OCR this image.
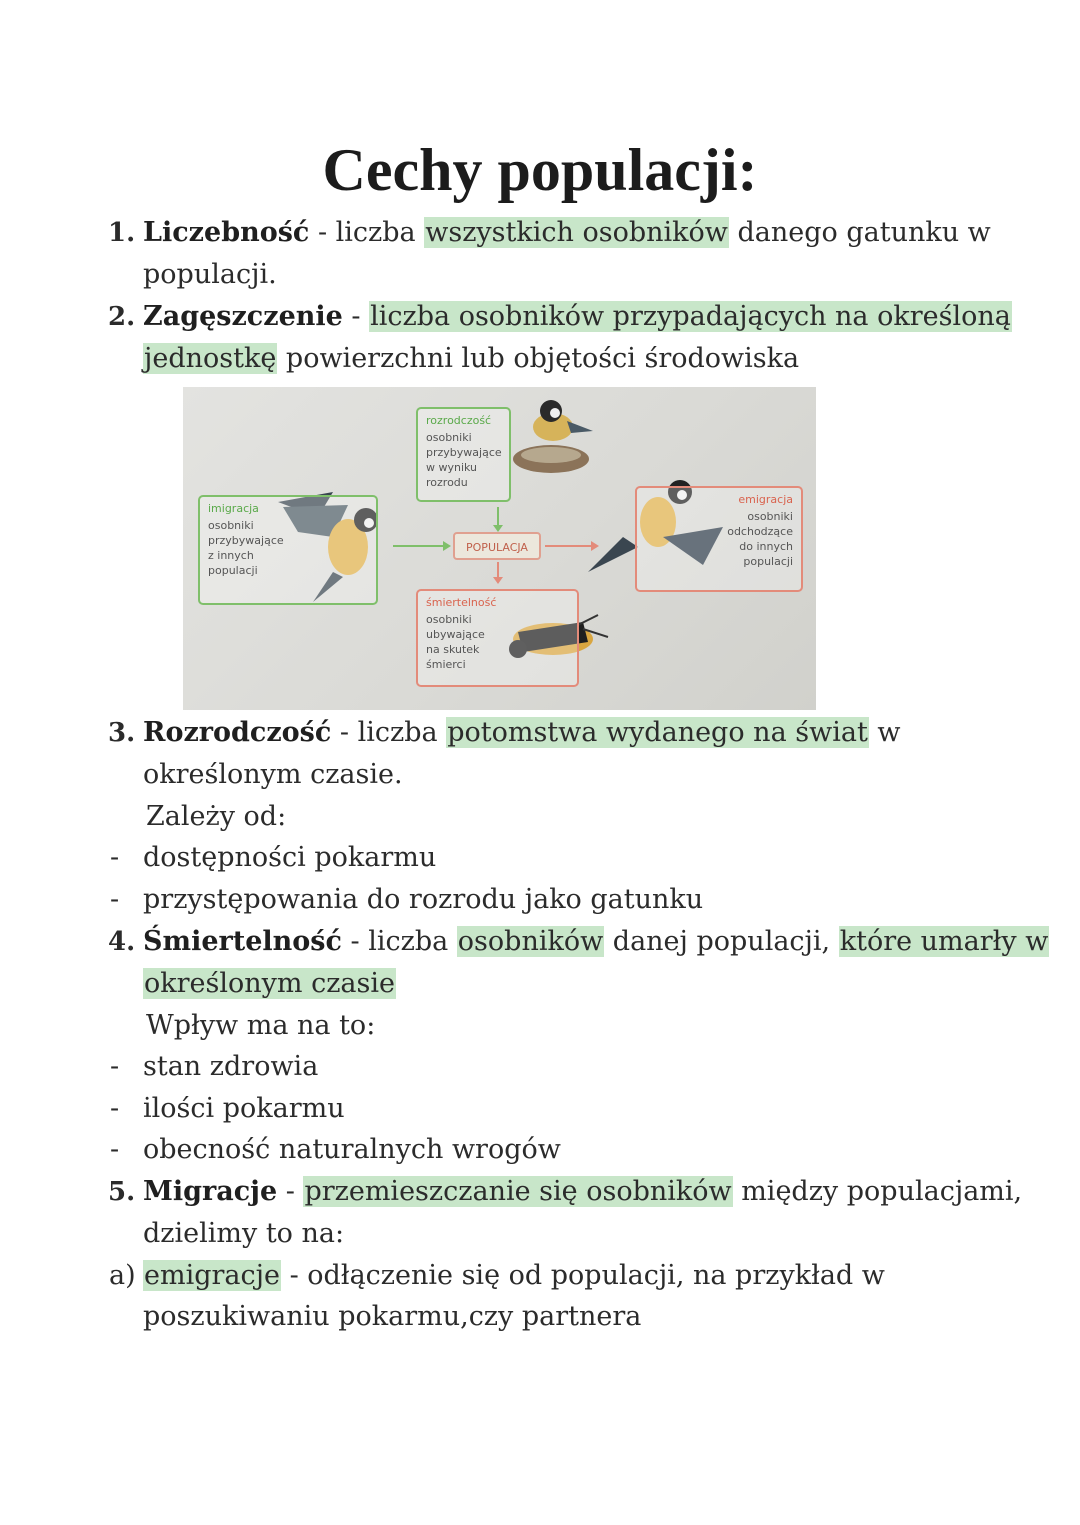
Cechy populacji:
1. Liczebność - liczba wszystkich osobników danego gatunku w
populacji.
2. Zagęszczenie - liczba osobników przypadających na określoną
jednostkę powierzchni lub objętości środowiska
rozrodczość
osobniki
przybywające
w wyniku
rozrodu
imigracja
osobniki
przybywające
z innych
populacji
POPULACJA
emigracja
osobniki
odchodzące
do innych
populacji
śmiertelność
osobniki
ubywające
na skutek
śmierci
3. Rozrodczość - liczba potomstwa wydanego na świat w
określonym czasie.
Zależy od:
- dostępności pokarmu
- przystępowania do rozrodu jako gatunku
4. Śmiertelność - liczba osobników danej populacji, które umarły w
określonym czasie
Wpływ ma na to:
- stan zdrowia
- ilości pokarmu
- obecność naturalnych wrogów
5. Migracje - przemieszczanie się osobników między populacjami,
dzielimy to na:
a) emigracje - odłączenie się od populacji, na przykład w
poszukiwaniu pokarmu,czy partnera
